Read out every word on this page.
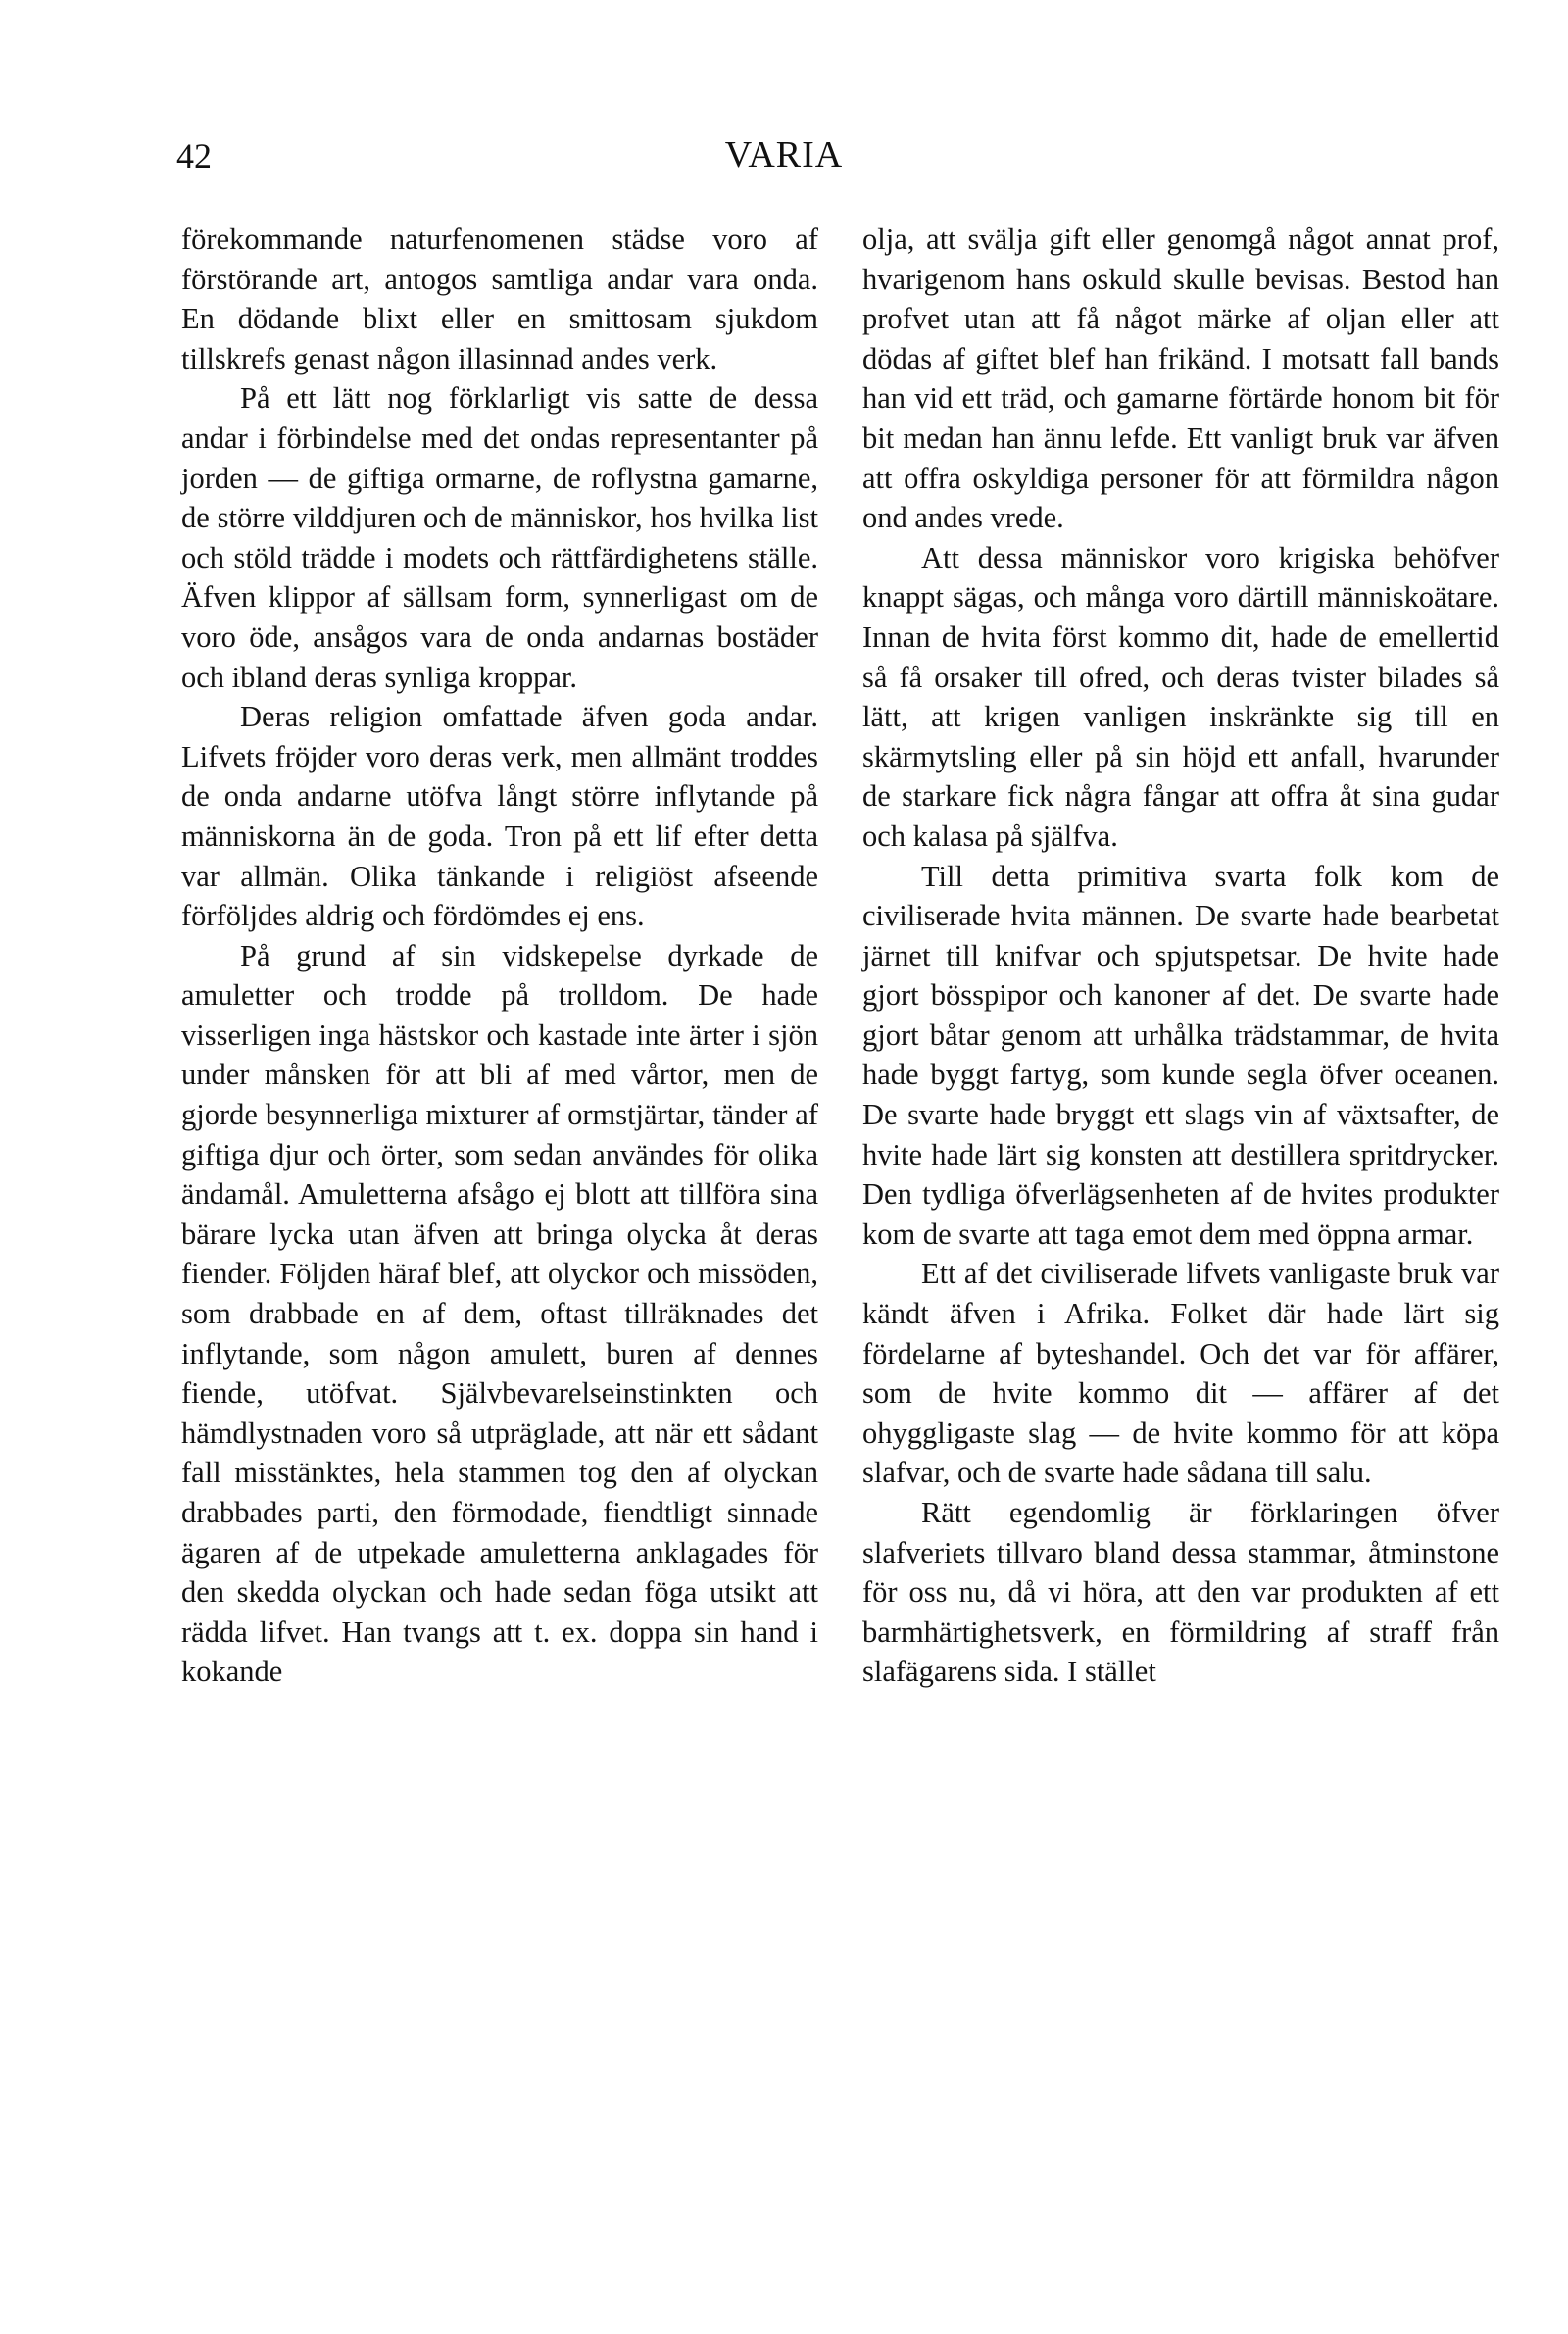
42	VARIA

förekommande naturfenomenen städse voro af förstörande art, antogos samtliga andar vara onda. En dödande blixt eller en smittosam sjukdom tillskrefs genast någon illasinnad andes verk.

På ett lätt nog förklarligt vis satte de dessa andar i förbindelse med det ondas representanter på jorden — de giftiga ormarne, de roflystna gamarne, de större vilddjuren och de människor, hos hvilka list och stöld trädde i modets och rättfärdighetens ställe. Äfven klippor af sällsam form, synnerligast om de voro öde, ansågos vara de onda andarnas bostäder och ibland deras synliga kroppar.

Deras religion omfattade äfven goda andar. Lifvets fröjder voro deras verk, men allmänt troddes de onda andarne utöfva långt större inflytande på människorna än de goda. Tron på ett lif efter detta var allmän. Olika tänkande i religiöst afseende förföljdes aldrig och fördömdes ej ens.

På grund af sin vidskepelse dyrkade de amuletter och trodde på trolldom. De hade visserligen inga hästskor och kastade inte ärter i sjön under månsken för att bli af med vårtor, men de gjorde besynnerliga mixturer af ormstjärtar, tänder af giftiga djur och örter, som sedan användes för olika ändamål. Amuletterna afsågo ej blott att tillföra sina bärare lycka utan äfven att bringa olycka åt deras fiender. Följden häraf blef, att olyckor och missöden, som drabbade en af dem, oftast tillräknades det inflytande, som någon amulett, buren af dennes fiende, utöfvat. Självbevarelseinstinkten och hämdlystnaden voro så utpräglade, att när ett sådant fall misstänktes, hela stammen tog den af olyckan drabbades parti, den förmodade, fiendtligt sinnade ägaren af de utpekade amuletterna anklagades för den skedda olyckan och hade sedan föga utsikt att rädda lifvet. Han tvangs att t. ex. doppa sin hand i kokande

olja, att svälja gift eller genomgå något annat prof, hvarigenom hans oskuld skulle bevisas. Bestod han profvet utan att få något märke af oljan eller att dödas af giftet blef han frikänd. I motsatt fall bands han vid ett träd, och gamarne förtärde honom bit för bit medan han ännu lefde. Ett vanligt bruk var äfven att offra oskyldiga personer för att förmildra någon ond andes vrede.

Att dessa människor voro krigiska behöfver knappt sägas, och många voro därtill människoätare. Innan de hvita först kommo dit, hade de emellertid så få orsaker till ofred, och deras tvister bilades så lätt, att krigen vanligen inskränkte sig till en skärmytsling eller på sin höjd ett anfall, hvarunder de starkare fick några fångar att offra åt sina gudar och kalasa på själfva.

Till detta primitiva svarta folk kom de civiliserade hvita männen. De svarte hade bearbetat järnet till knifvar och spjutspetsar. De hvite hade gjort bösspipor och kanoner af det. De svarte hade gjort båtar genom att urhålka trädstammar, de hvita hade byggt fartyg, som kunde segla öfver oceanen. De svarte hade bryggt ett slags vin af växtsafter, de hvite hade lärt sig konsten att destillera spritdrycker. Den tydliga öfverlägsenheten af de hvites produkter kom de svarte att taga emot dem med öppna armar.

Ett af det civiliserade lifvets vanligaste bruk var kändt äfven i Afrika. Folket där hade lärt sig fördelarne af byteshandel. Och det var för affärer, som de hvite kommo dit — affärer af det ohyggligaste slag — de hvite kommo för att köpa slafvar, och de svarte hade sådana till salu.

Rätt egendomlig är förklaringen öfver slafveriets tillvaro bland dessa stammar, åtminstone för oss nu, då vi höra, att den var produkten af ett barmhärtighetsverk, en förmildring af straff från slafägarens sida. I stället
